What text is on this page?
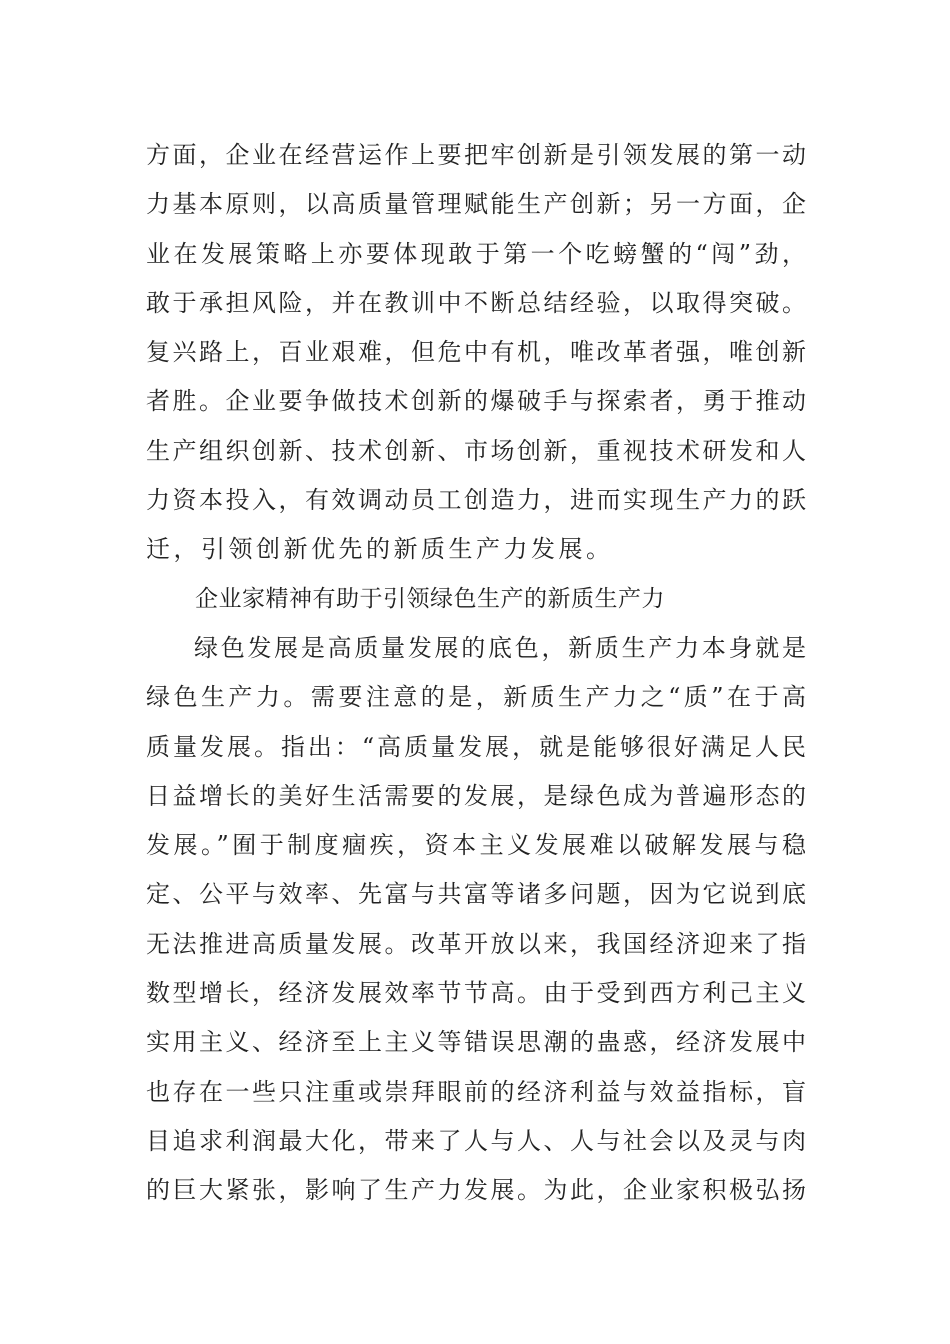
方面，企业在经营运作上要把牢创新是引领发展的第一动
力基本原则，以高质量管理赋能生产创新；另一方面，企
业在发展策略上亦要体现敢于第一个吃螃蟹的“闯”劲，
敢于承担风险，并在教训中不断总结经验，以取得突破。
复兴路上，百业艰难，但危中有机，唯改革者强，唯创新
者胜。企业要争做技术创新的爆破手与探索者，勇于推动
生产组织创新、技术创新、市场创新，重视技术研发和人
力资本投入，有效调动员工创造力，进而实现生产力的跃
迁，引领创新优先的新质生产力发展。
企业家精神有助于引领绿色生产的新质生产力
绿色发展是高质量发展的底色，新质生产力本身就是
绿色生产力。需要注意的是，新质生产力之“质”在于高
质量发展。指出：“高质量发展，就是能够很好满足人民
日益增长的美好生活需要的发展，是绿色成为普遍形态的
发展。”囿于制度痼疾，资本主义发展难以破解发展与稳
定、公平与效率、先富与共富等诸多问题，因为它说到底
无法推进高质量发展。改革开放以来，我国经济迎来了指
数型增长，经济发展效率节节高。由于受到西方利己主义
实用主义、经济至上主义等错误思潮的蛊惑，经济发展中
也存在一些只注重或崇拜眼前的经济利益与效益指标，盲
目追求利润最大化，带来了人与人、人与社会以及灵与肉
的巨大紧张，影响了生产力发展。为此，企业家积极弘扬
